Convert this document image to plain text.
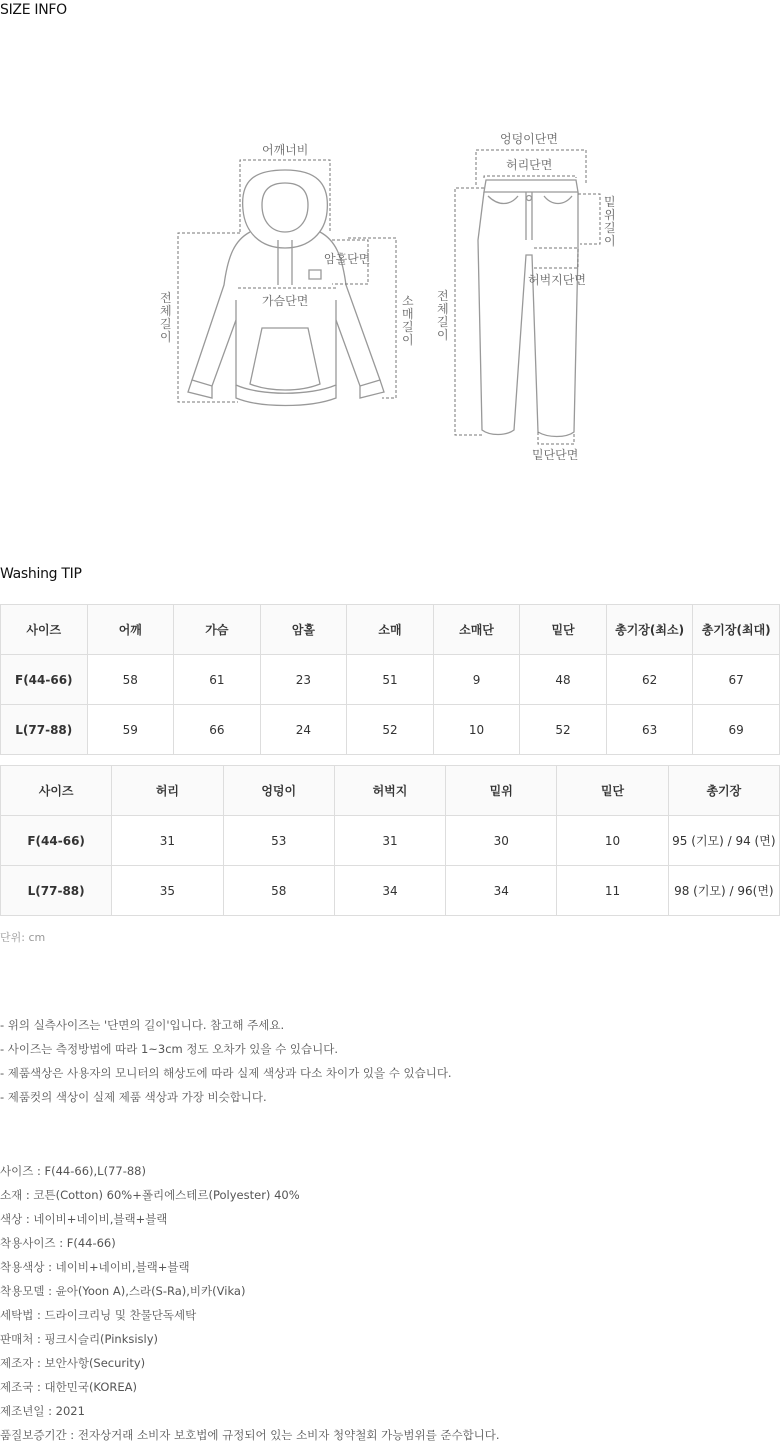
SIZE INFO
어깨너비
암홀단면
가슴단면
전
체
길
이
소
매
길
이
엉덩이단면
허리단면
허벅지단면
밑
위
길
이
전
체
길
이
밑단단면
Washing TIP
사이즈	어깨	가슴	암홀	소매	소매단	밑단	총기장(최소)	총기장(최대)
F(44-66)	58	61	23	51	9	48	62	67
L(77-88)	59	66	24	52	10	52	63	69
사이즈	허리	엉덩이	허벅지	밑위	밑단	총기장
F(44-66)	31	53	31	30	10	95 (기모) / 94 (면)
L(77-88)	35	58	34	34	11	98 (기모) / 96(면)
단위: cm
- 위의 실측사이즈는 '단면의 길이'입니다. 참고해 주세요.
- 사이즈는 측정방법에 따라 1~3cm 정도 오차가 있을 수 있습니다.
- 제품색상은 사용자의 모니터의 해상도에 따라 실제 색상과 다소 차이가 있을 수 있습니다.
- 제품컷의 색상이 실제 제품 색상과 가장 비슷합니다.
사이즈 : F(44-66),L(77-88)
소재 : 코튼(Cotton) 60%+폴리에스테르(Polyester) 40%
색상 : 네이비+네이비,블랙+블랙
착용사이즈 : F(44-66)
착용색상 : 네이비+네이비,블랙+블랙
착용모델 : 윤아(Yoon A),스라(S-Ra),비카(Vika)
세탁법 : 드라이크리닝 및 찬물단독세탁
판매처 : 핑크시슬리(Pinksisly)
제조자 : 보안사항(Security)
제조국 : 대한민국(KOREA)
제조년일 : 2021
품질보증기간 : 전자상거래 소비자 보호법에 규정되어 있는 소비자 청약철회 가능범위를 준수합니다.
